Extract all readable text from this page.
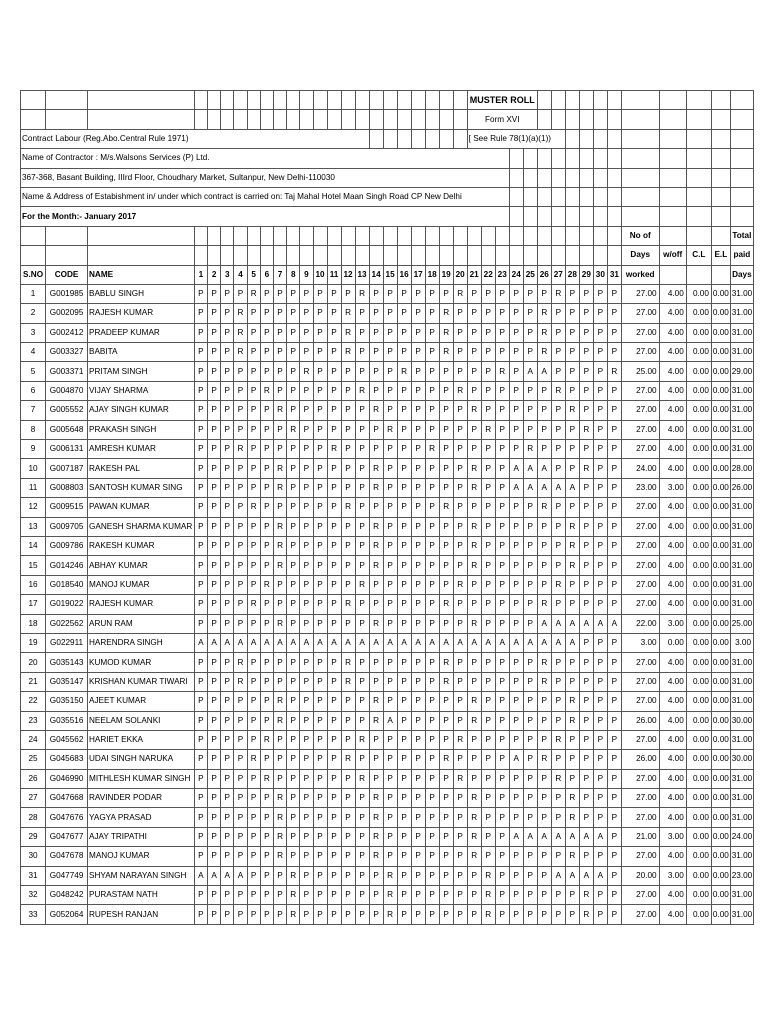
																							MUSTER ROLL															
																							Form XVI															
Contract Labour (Reg.Abo.Central Rule 1971)																							[ See Rule 78(1)(a)(1))															
Name of Contractor : M/s.Walsons Services (P) Ltd.																																						
367-368, Basant Building, IIIrd Floor, Choudhary Market, Sultanpur, New Delhi-110030																																						
Name & Address of Estabishment in/ under which contract is carried on: Taj Mahal Hotel Maan Singh Road CP New Delhi																																						
For the Month:- January 2017																																						
																																		No of				Total
																																		Days	w/off	C.L	E.L	paid
S.NO	CODE	NAME	1	2	3	4	5	6	7	8	9	10	11	12	13	14	15	16	17	18	19	20	21	22	23	24	25	26	27	28	29	30	31	worked				Days
1	G001985	BABLU SINGH	P	P	P	P	R	P	P	P	P	P	P	P	R	P	P	P	P	P	P	R	P	P	P	P	P	P	R	P	P	P	P	27.00	4.00	0.00	0.00	31.00
2	G002095	RAJESH KUMAR	P	P	P	R	P	P	P	P	P	P	P	R	P	P	P	P	P	P	R	P	P	P	P	P	P	R	P	P	P	P	P	27.00	4.00	0.00	0.00	31.00
3	G002412	PRADEEP KUMAR	P	P	P	R	P	P	P	P	P	P	P	R	P	P	P	P	P	P	R	P	P	P	P	P	P	R	P	P	P	P	P	27.00	4.00	0.00	0.00	31.00
4	G003327	BABITA	P	P	P	R	P	P	P	P	P	P	P	R	P	P	P	P	P	P	R	P	P	P	P	P	P	R	P	P	P	P	P	27.00	4.00	0.00	0.00	31.00
5	G003371	PRITAM SINGH	P	P	P	P	P	P	P	P	R	P	P	P	P	P	P	R	P	P	P	P	P	P	R	P	A	A	P	P	P	P	R	25.00	4.00	0.00	0.00	29.00
6	G004870	VIJAY SHARMA	P	P	P	P	P	R	P	P	P	P	P	P	R	P	P	P	P	P	P	R	P	P	P	P	P	P	R	P	P	P	P	27.00	4.00	0.00	0.00	31.00
7	G005552	AJAY SINGH KUMAR	P	P	P	P	P	P	R	P	P	P	P	P	P	R	P	P	P	P	P	P	R	P	P	P	P	P	P	R	P	P	P	27.00	4.00	0.00	0.00	31.00
8	G005648	PRAKASH SINGH	P	P	P	P	P	P	P	R	P	P	P	P	P	P	R	P	P	P	P	P	P	R	P	P	P	P	P	P	R	P	P	27.00	4.00	0.00	0.00	31.00
9	G006131	AMRESH KUMAR	P	P	P	R	P	P	P	P	P	P	R	P	P	P	P	P	P	R	P	P	P	P	P	P	R	P	P	P	P	P	P	27.00	4.00	0.00	0.00	31.00
10	G007187	RAKESH PAL	P	P	P	P	P	P	R	P	P	P	P	P	P	R	P	P	P	P	P	P	R	P	P	A	A	A	P	P	R	P	P	24.00	4.00	0.00	0.00	28.00
11	G008803	SANTOSH KUMAR SING	P	P	P	P	P	P	R	P	P	P	P	P	P	R	P	P	P	P	P	P	R	P	P	A	A	A	A	A	P	P	P	23.00	3.00	0.00	0.00	26.00
12	G009515	PAWAN KUMAR	P	P	P	P	R	P	P	P	P	P	P	R	P	P	P	P	P	P	R	P	P	P	P	P	P	R	P	P	P	P	P	27.00	4.00	0.00	0.00	31.00
13	G009705	GANESH SHARMA KUMAR	P	P	P	P	P	P	R	P	P	P	P	P	P	R	P	P	P	P	P	P	R	P	P	P	P	P	P	R	P	P	P	27.00	4.00	0.00	0.00	31.00
14	G009786	RAKESH KUMAR	P	P	P	P	P	P	R	P	P	P	P	P	P	R	P	P	P	P	P	P	R	P	P	P	P	P	P	R	P	P	P	27.00	4.00	0.00	0.00	31.00
15	G014246	ABHAY KUMAR	P	P	P	P	P	P	R	P	P	P	P	P	P	R	P	P	P	P	P	P	R	P	P	P	P	P	P	R	P	P	P	27.00	4.00	0.00	0.00	31.00
16	G018540	MANOJ KUMAR	P	P	P	P	P	R	P	P	P	P	P	P	R	P	P	P	P	P	P	R	P	P	P	P	P	P	R	P	P	P	P	27.00	4.00	0.00	0.00	31.00
17	G019022	RAJESH KUMAR	P	P	P	P	R	P	P	P	P	P	P	R	P	P	P	P	P	P	R	P	P	P	P	P	P	R	P	P	P	P	P	27.00	4.00	0.00	0.00	31.00
18	G022562	ARUN RAM	P	P	P	P	P	P	R	P	P	P	P	P	P	R	P	P	P	P	P	P	R	P	P	P	P	A	A	A	A	A	A	22.00	3.00	0.00	0.00	25.00
19	G022911	HARENDRA SINGH	A	A	A	A	A	A	A	A	A	A	A	A	A	A	A	A	A	A	A	A	A	A	A	A	A	A	A	A	P	P	P	3.00	0.00	0.00	0.00	3.00
20	G035143	KUMOD KUMAR	P	P	P	R	P	P	P	P	P	P	P	R	P	P	P	P	P	P	R	P	P	P	P	P	P	R	P	P	P	P	P	27.00	4.00	0.00	0.00	31.00
21	G035147	KRISHAN KUMAR TIWARI	P	P	P	R	P	P	P	P	P	P	P	R	P	P	P	P	P	P	R	P	P	P	P	P	P	R	P	P	P	P	P	27.00	4.00	0.00	0.00	31.00
22	G035150	AJEET KUMAR	P	P	P	P	P	P	R	P	P	P	P	P	P	R	P	P	P	P	P	P	R	P	P	P	P	P	P	R	P	P	P	27.00	4.00	0.00	0.00	31.00
23	G035516	NEELAM SOLANKI	P	P	P	P	P	P	R	P	P	P	P	P	P	R	A	P	P	P	P	P	R	P	P	P	P	P	P	R	P	P	P	26.00	4.00	0.00	0.00	30.00
24	G045562	HARIET EKKA	P	P	P	P	P	R	P	P	P	P	P	P	R	P	P	P	P	P	P	R	P	P	P	P	P	P	R	P	P	P	P	27.00	4.00	0.00	0.00	31.00
25	G045683	UDAI SINGH NARUKA	P	P	P	P	R	P	P	P	P	P	P	R	P	P	P	P	P	P	R	P	P	P	P	A	P	R	P	P	P	P	P	26.00	4.00	0.00	0.00	30.00
26	G046990	MITHLESH KUMAR SINGH	P	P	P	P	P	R	P	P	P	P	P	P	R	P	P	P	P	P	P	R	P	P	P	P	P	P	R	P	P	P	P	27.00	4.00	0.00	0.00	31.00
27	G047668	RAVINDER PODAR	P	P	P	P	P	P	R	P	P	P	P	P	P	R	P	P	P	P	P	P	R	P	P	P	P	P	P	R	P	P	P	27.00	4.00	0.00	0.00	31.00
28	G047676	YAGYA PRASAD	P	P	P	P	P	P	R	P	P	P	P	P	P	R	P	P	P	P	P	P	R	P	P	P	P	P	P	R	P	P	P	27.00	4.00	0.00	0.00	31.00
29	G047677	AJAY TRIPATHI	P	P	P	P	P	P	R	P	P	P	P	P	P	R	P	P	P	P	P	P	R	P	P	A	A	A	A	A	A	A	P	21.00	3.00	0.00	0.00	24.00
30	G047678	MANOJ KUMAR	P	P	P	P	P	P	R	P	P	P	P	P	P	R	P	P	P	P	P	P	R	P	P	P	P	P	P	R	P	P	P	27.00	4.00	0.00	0.00	31.00
31	G047749	SHYAM NARAYAN SINGH	A	A	A	A	P	P	P	R	P	P	P	P	P	P	R	P	P	P	P	P	P	R	P	P	P	P	A	A	A	A	P	20.00	3.00	0.00	0.00	23.00
32	G048242	PURASTAM NATH	P	P	P	P	P	P	P	R	P	P	P	P	P	P	R	P	P	P	P	P	P	R	P	P	P	P	P	P	R	P	P	27.00	4.00	0.00	0.00	31.00
33	G052064	RUPESH RANJAN	P	P	P	P	P	P	P	R	P	P	P	P	P	P	R	P	P	P	P	P	P	R	P	P	P	P	P	P	R	P	P	27.00	4.00	0.00	0.00	31.00
